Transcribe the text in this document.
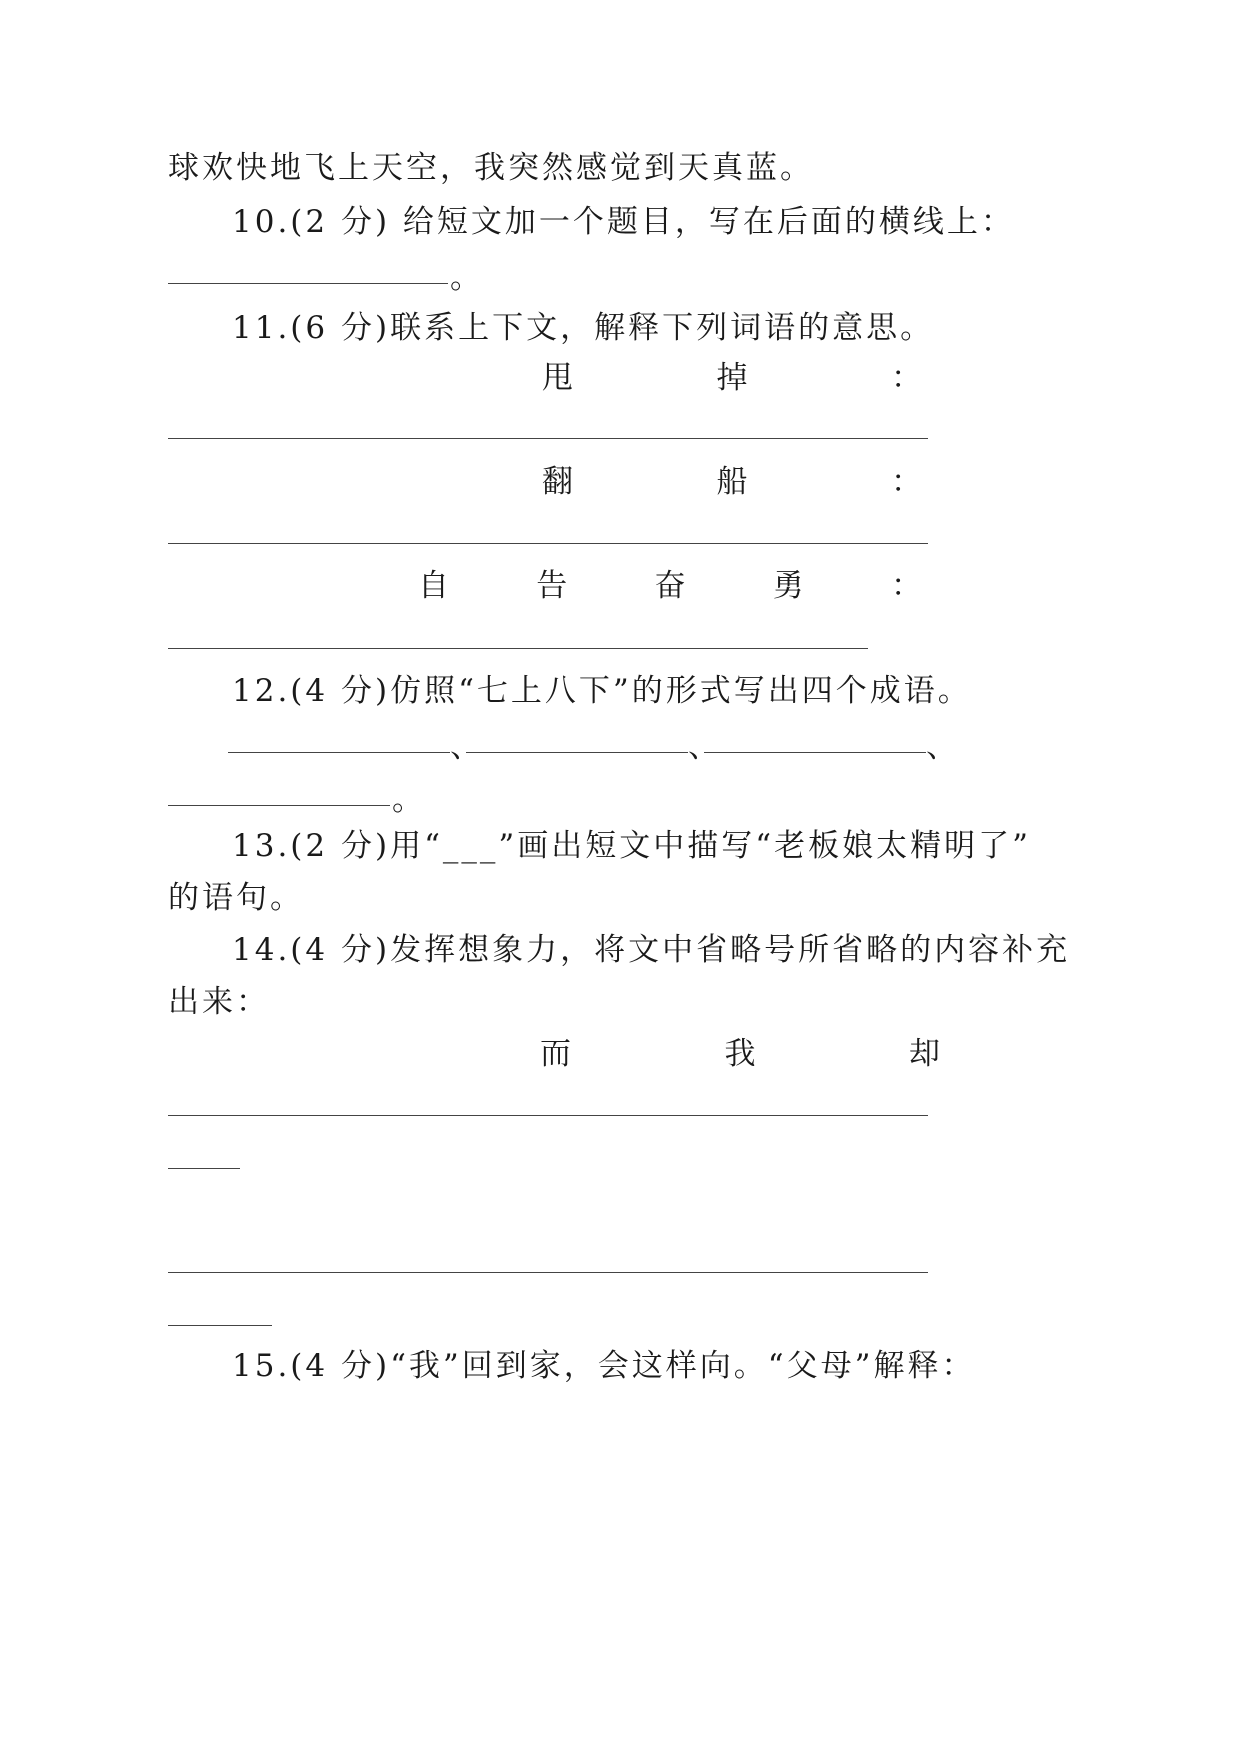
球欢快地飞上天空，我突然感觉到天真蓝。
10.(2 分) 给短文加一个题目，写在后面的横线上：
。
11.(6 分)联系上下文，解释下列词语的意思。
甩	掉	：
翻	船	：
自	告	奋	勇	：
12.(4 分)仿照“七上八下”的形式写出四个成语。
、	、	、
。
13.(2 分)用“___”画出短文中描写“老板娘太精明了”
的语句。
14.(4 分)发挥想象力，将文中省略号所省略的内容补充
出来：
而	我	却
15.(4 分)“我”回到家，会这样向。“父母”解释：
